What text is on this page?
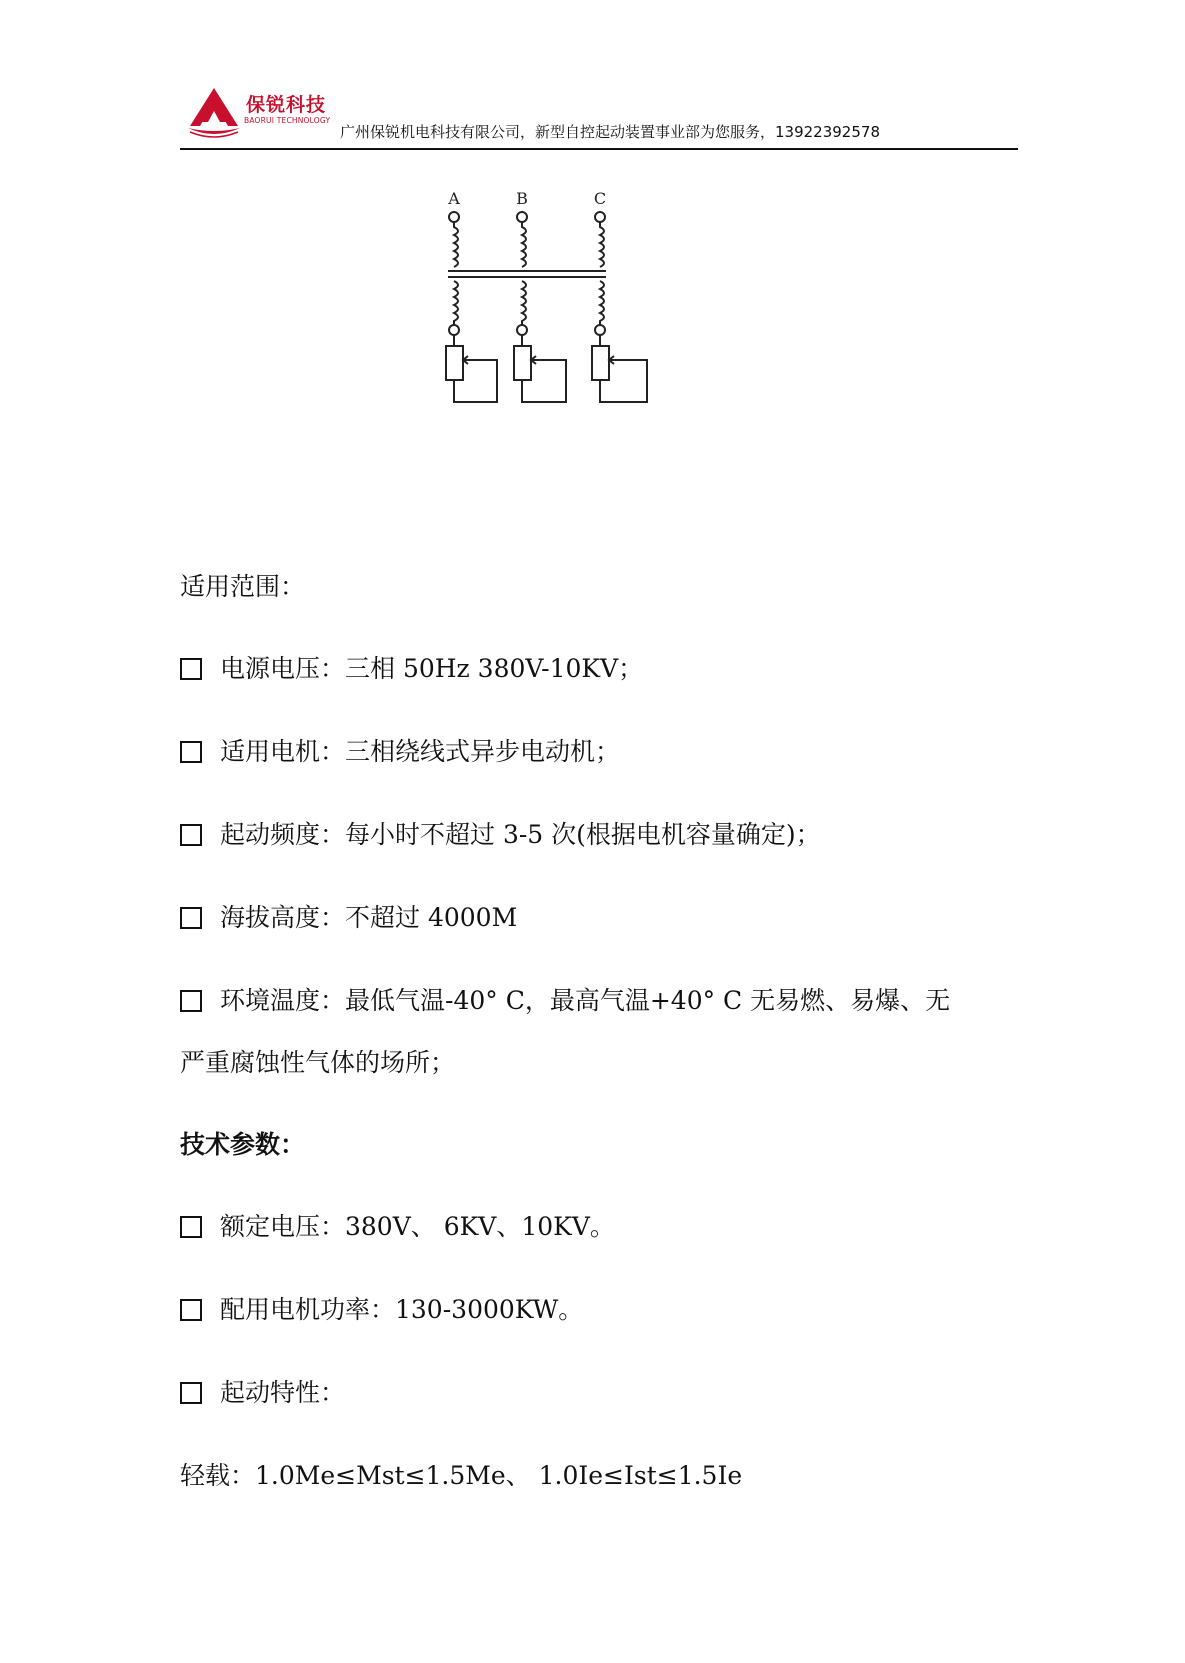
保锐科技
BAORUI TECHNOLOGY
广州保锐机电科技有限公司，新型自控起动装置事业部为您服务，13922392578
A	B	C
适用范围：
电源电压：三相 50Hz 380V-10KV；
适用电机：三相绕线式异步电动机；
起动频度：每小时不超过 3-5 次(根据电机容量确定)；
海拔高度：不超过 4000M
环境温度：最低气温-40° C，最高气温+40° C 无易燃、易爆、无
严重腐蚀性气体的场所；
技术参数：
额定电压：380V、 6KV、10KV。
配用电机功率：130-3000KW。
起动特性：
轻载：1.0Me≤Mst≤1.5Me、 1.0Ie≤Ist≤1.5Ie
